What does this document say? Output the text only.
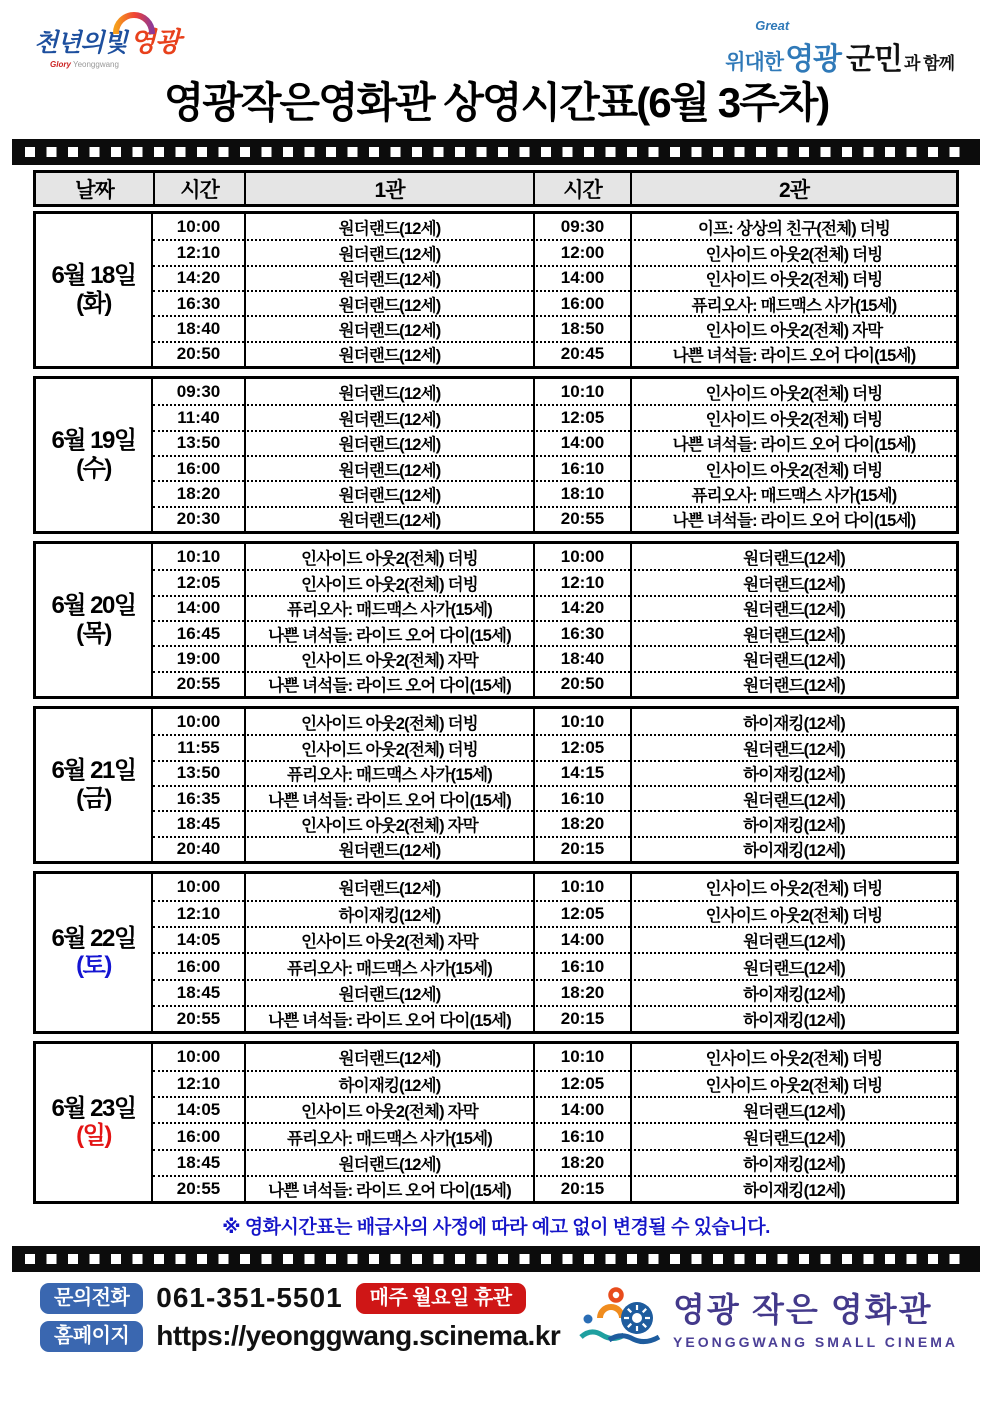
천년의빛 영광
Glory Yeonggwang
Great
위대한 영광 군민 과 함께
영광작은영화관 상영시간표(6월 3주차)
날짜	시간	1관	시간	2관
6월 18일
(화)
10:00	원더랜드(12세)	09:30	이프: 상상의 친구(전체) 더빙
12:10	원더랜드(12세)	12:00	인사이드 아웃2(전체) 더빙
14:20	원더랜드(12세)	14:00	인사이드 아웃2(전체) 더빙
16:30	원더랜드(12세)	16:00	퓨리오사: 매드맥스 사가(15세)
18:40	원더랜드(12세)	18:50	인사이드 아웃2(전체) 자막
20:50	원더랜드(12세)	20:45	나쁜 녀석들: 라이드 오어 다이(15세)
6월 19일
(수)
09:30	원더랜드(12세)	10:10	인사이드 아웃2(전체) 더빙
11:40	원더랜드(12세)	12:05	인사이드 아웃2(전체) 더빙
13:50	원더랜드(12세)	14:00	나쁜 녀석들: 라이드 오어 다이(15세)
16:00	원더랜드(12세)	16:10	인사이드 아웃2(전체) 더빙
18:20	원더랜드(12세)	18:10	퓨리오사: 매드맥스 사가(15세)
20:30	원더랜드(12세)	20:55	나쁜 녀석들: 라이드 오어 다이(15세)
6월 20일
(목)
10:10	인사이드 아웃2(전체) 더빙	10:00	원더랜드(12세)
12:05	인사이드 아웃2(전체) 더빙	12:10	원더랜드(12세)
14:00	퓨리오사: 매드맥스 사가(15세)	14:20	원더랜드(12세)
16:45	나쁜 녀석들: 라이드 오어 다이(15세)	16:30	원더랜드(12세)
19:00	인사이드 아웃2(전체) 자막	18:40	원더랜드(12세)
20:55	나쁜 녀석들: 라이드 오어 다이(15세)	20:50	원더랜드(12세)
6월 21일
(금)
10:00	인사이드 아웃2(전체) 더빙	10:10	하이재킹(12세)
11:55	인사이드 아웃2(전체) 더빙	12:05	원더랜드(12세)
13:50	퓨리오사: 매드맥스 사가(15세)	14:15	하이재킹(12세)
16:35	나쁜 녀석들: 라이드 오어 다이(15세)	16:10	원더랜드(12세)
18:45	인사이드 아웃2(전체) 자막	18:20	하이재킹(12세)
20:40	원더랜드(12세)	20:15	하이재킹(12세)
6월 22일
(토)
10:00	원더랜드(12세)	10:10	인사이드 아웃2(전체) 더빙
12:10	하이재킹(12세)	12:05	인사이드 아웃2(전체) 더빙
14:05	인사이드 아웃2(전체) 자막	14:00	원더랜드(12세)
16:00	퓨리오사: 매드맥스 사가(15세)	16:10	원더랜드(12세)
18:45	원더랜드(12세)	18:20	하이재킹(12세)
20:55	나쁜 녀석들: 라이드 오어 다이(15세)	20:15	하이재킹(12세)
6월 23일
(일)
10:00	원더랜드(12세)	10:10	인사이드 아웃2(전체) 더빙
12:10	하이재킹(12세)	12:05	인사이드 아웃2(전체) 더빙
14:05	인사이드 아웃2(전체) 자막	14:00	원더랜드(12세)
16:00	퓨리오사: 매드맥스 사가(15세)	16:10	원더랜드(12세)
18:45	원더랜드(12세)	18:20	하이재킹(12세)
20:55	나쁜 녀석들: 라이드 오어 다이(15세)	20:15	하이재킹(12세)
※ 영화시간표는 배급사의 사정에 따라 예고 없이 변경될 수 있습니다.
문의전화 061-351-5501	매주 월요일 휴관
홈페이지 https://yeonggwang.scinema.kr
영광 작은 영화관
YEONGGWANG SMALL CINEMA
